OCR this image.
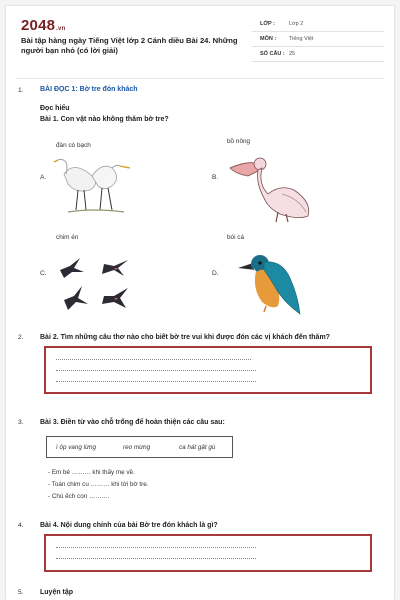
2048.vn
Bài tập hàng ngày Tiếng Việt lớp 2 Cánh diều Bài 24. Những người bạn nhỏ (có lời giải)
LỚP :	Lớp 2
MÔN : Tiếng Việt
SỐ CÂU : 25
1. BÀI ĐỌC 1: Bờ tre đón khách
Đọc hiểu
Bài 1. Con vật nào không thăm bờ tre?
đàn cò bạch
bồ nông
A.	B.
chim én	bói cá
C.	D.
2. Bài 2. Tìm những câu thơ nào cho biết bờ tre vui khi được đón các vị khách đến thăm?
3. Bài 3. Điền từ vào chỗ trống để hoàn thiện các câu sau:
ì ộp vang lừng	reo mừng	ca hát gật gù
- Em bé ……… khi thấy mẹ về.
- Toán chim cu ……… khi tới bờ tre.
- Chú ếch con ……….
4. Bài 4. Nội dung chính của bài Bờ tre đón khách là gì?
5. Luyện tập
